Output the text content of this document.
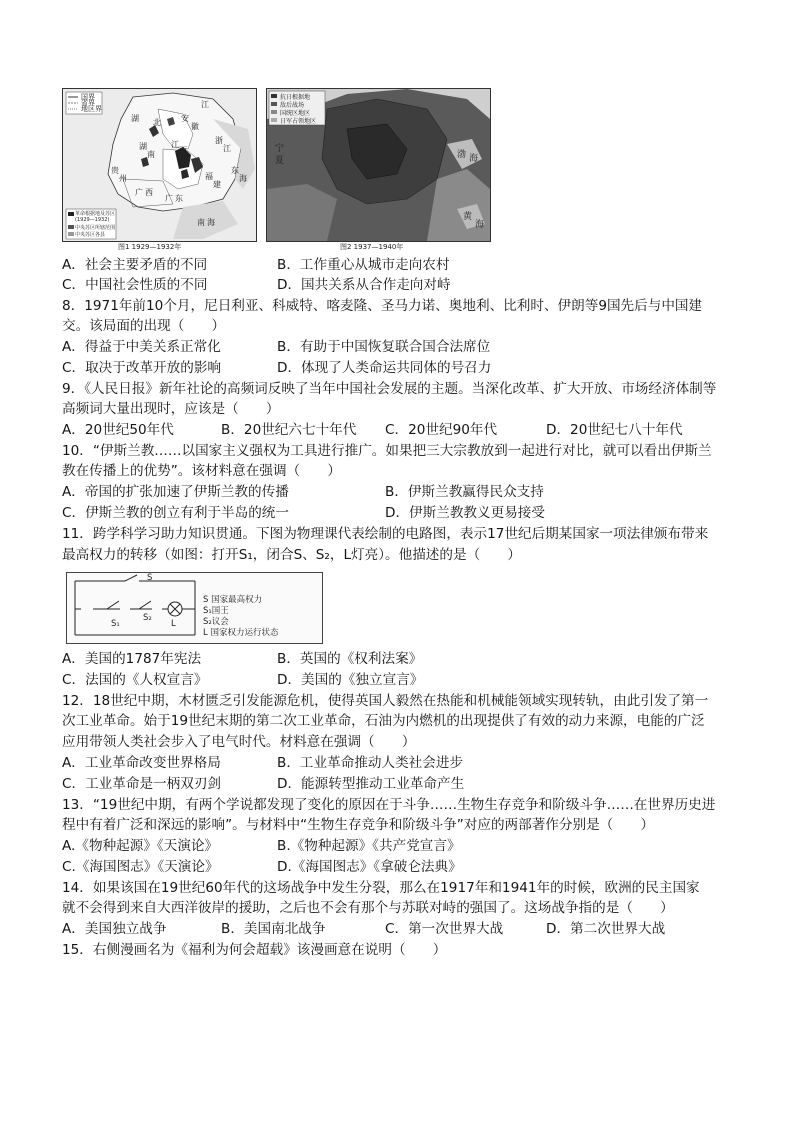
国界
省界
地区界
革命根据地及苏区
(1929—1932)
中央苏区所辖范围
中央苏区各县
湖 北
江
安
徽
浙
江
福
建
江
西
湖
南
广 西
广 东
贵
州
东
海
南 海
图1 1929—1932年
抗日根据地
敌后战场
国统区地区
日军占领地区
宁
夏
黄
海
渤 海
图2 1937—1940年
A．社会主要矛盾的不同	B．工作重心从城市走向农村
C．中国社会性质的不同	D．国共关系从合作走向对峙
8．1971年前10个月，尼日利亚、科威特、喀麦隆、圣马力诺、奥地利、比利时、伊朗等9国先后与中国建
交。该局面的出现（　　）
A．得益于中美关系正常化	B．有助于中国恢复联合国合法席位
C．取决于改革开放的影响	D．体现了人类命运共同体的号召力
9．《人民日报》新年社论的高频词反映了当年中国社会发展的主题。当深化改革、扩大开放、市场经济体制等
高频词大量出现时，应该是（　　）
A．20世纪50年代	B．20世纪六七十年代 C．20世纪90年代	D．20世纪七八十年代
10．“伊斯兰教……以国家主义强权为工具进行推广。如果把三大宗教放到一起进行对比，就可以看出伊斯兰
教在传播上的优势”。该材料意在强调（　　）
A．帝国的扩张加速了伊斯兰教的传播	B．伊斯兰教赢得民众支持
C．伊斯兰教的创立有利于半岛的统一	D．伊斯兰教教义更易接受
11．跨学科学习助力知识贯通。下图为物理课代表绘制的电路图，表示17世纪后期某国家一项法律颁布带来
最高权力的转移（如图：打开S₁，闭合S、S₂，L灯亮）。他描述的是（　　）
S
S₁
S₂
L
S 国家最高权力
S₁国王
S₂议会
L 国家权力运行状态
A．美国的1787年宪法	B．英国的《权利法案》
C．法国的《人权宣言》	D．美国的《独立宣言》
12．18世纪中期，木材匮乏引发能源危机，使得英国人毅然在热能和机械能领域实现转轨，由此引发了第一
次工业革命。始于19世纪末期的第二次工业革命，石油为内燃机的出现提供了有效的动力来源，电能的广泛
应用带领人类社会步入了电气时代。材料意在强调（　　）
A．工业革命改变世界格局	B．工业革命推动人类社会进步
C．工业革命是一柄双刃剑	D．能源转型推动工业革命产生
13．“19世纪中期，有两个学说都发现了变化的原因在于斗争……生物生存竞争和阶级斗争……在世界历史进
程中有着广泛和深远的影响”。与材料中“生物生存竞争和阶级斗争”对应的两部著作分别是（　　）
A.《物种起源》《天演论》	B.《物种起源》《共产党宣言》
C.《海国图志》《天演论》	D.《海国图志》《拿破仑法典》
14．如果该国在19世纪60年代的这场战争中发生分裂，那么在1917年和1941年的时候，欧洲的民主国家
就不会得到来自大西洋彼岸的援助，之后也不会有那个与苏联对峙的强国了。这场战争指的是（　　）
A．美国独立战争	B．美国南北战争	C．第一次世界大战	D．第二次世界大战
15．右侧漫画名为《福利为何会超载》该漫画意在说明（　　）
